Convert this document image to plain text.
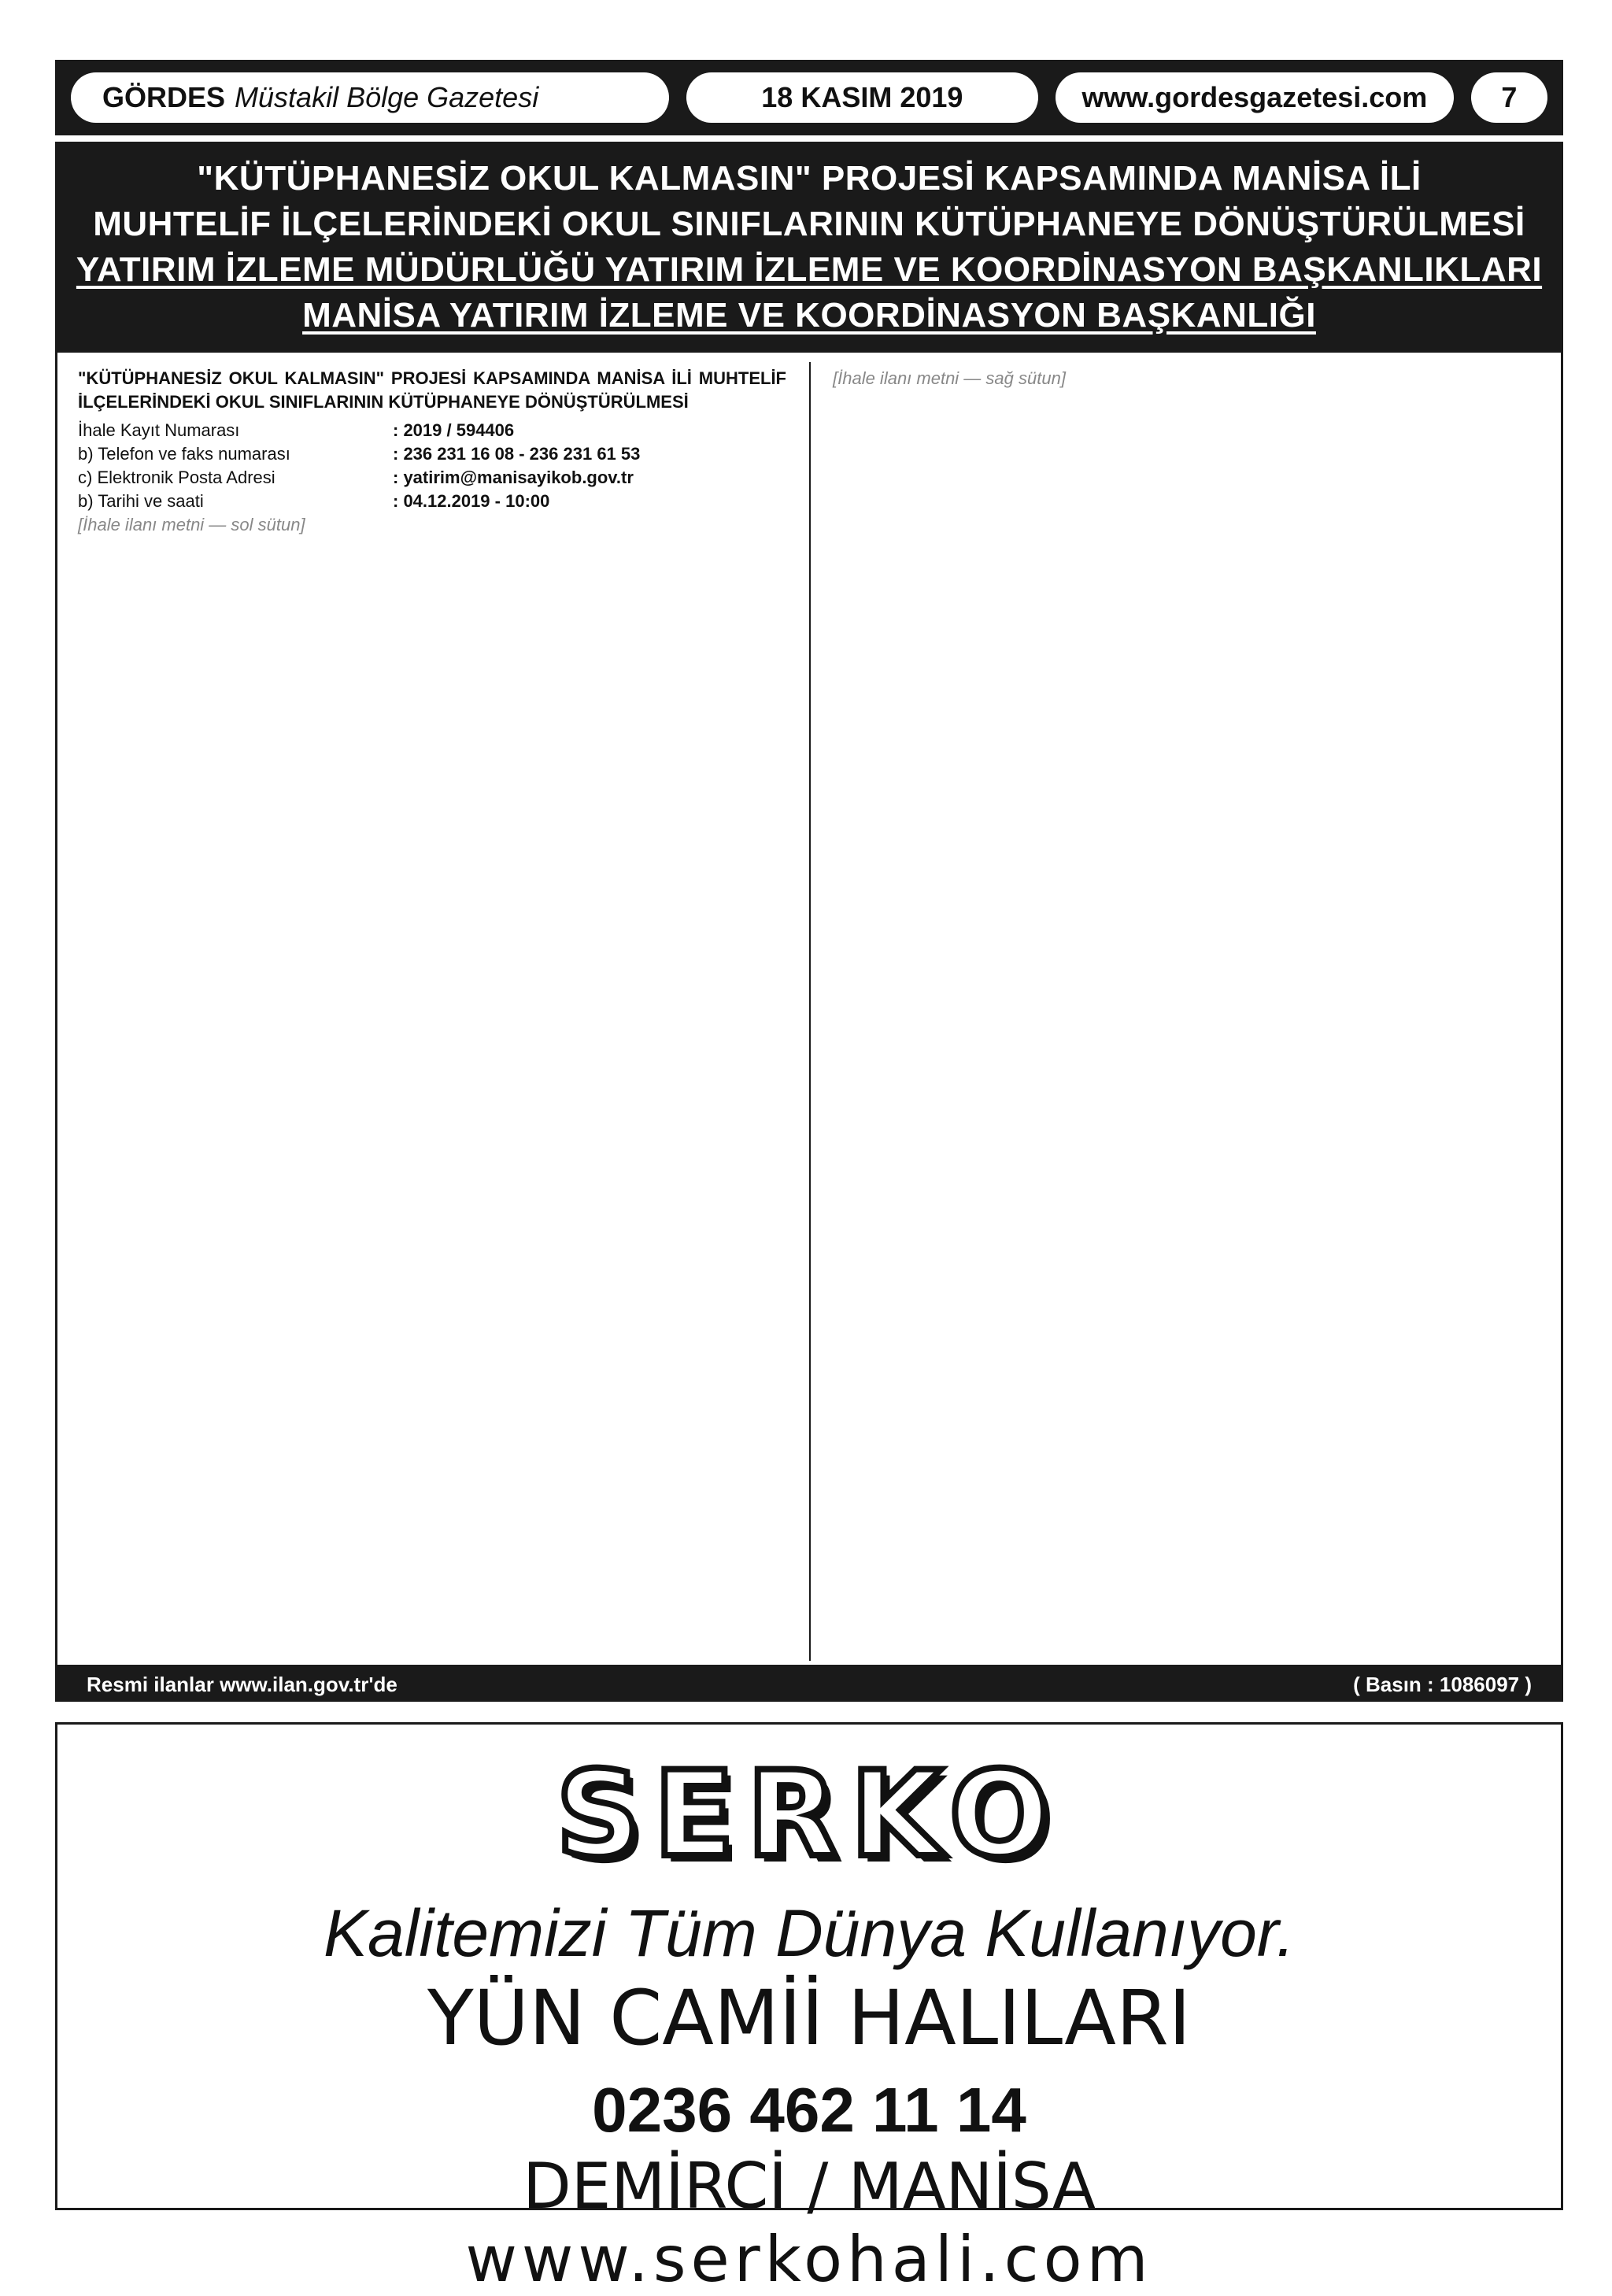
GÖRDES Müstakil Bölge Gazetesi	18 KASIM 2019	www.gordesgazetesi.com	7
"KÜTÜPHANESİZ OKUL KALMASIN" PROJESİ KAPSAMINDA MANİSA İLİ
MUHTELİF İLÇELERİNDEKİ OKUL SINIFLARININ KÜTÜPHANEYE DÖNÜŞTÜRÜLMESİ
YATIRIM İZLEME MÜDÜRLÜĞÜ YATIRIM İZLEME VE KOORDİNASYON BAŞKANLIKLARI
MANİSA YATIRIM İZLEME VE KOORDİNASYON BAŞKANLIĞI

"KÜTÜPHANESİZ OKUL KALMASIN" PROJESİ KAPSAMINDA MANİSA İLİ MUHTELİF İLÇELERİNDEKİ OKUL SINIFLARININ KÜTÜPHANEYE DÖNÜŞTÜRÜLMESİ

İhale Kayıt Numarası	: 2019 / 594406
b) Telefon ve faks numarası	: 236 231 16 08 - 236 231 61 53
c) Elektronik Posta Adresi	: yatirim@manisayikob.gov.tr
b) Tarihi ve saati	: 04.12.2019 - 10:00

[İhale ilanı metni — sol sütun]

[İhale ilanı metni — sağ sütun]

Resmi ilanlar www.ilan.gov.tr'de	( Basın : 1086097 )
SERKO
Kalitemizi Tüm Dünya Kullanıyor.
YÜN CAMİİ HALILARI
0236 462 11 14
DEMİRCİ / MANİSA
www.serkohali.com
